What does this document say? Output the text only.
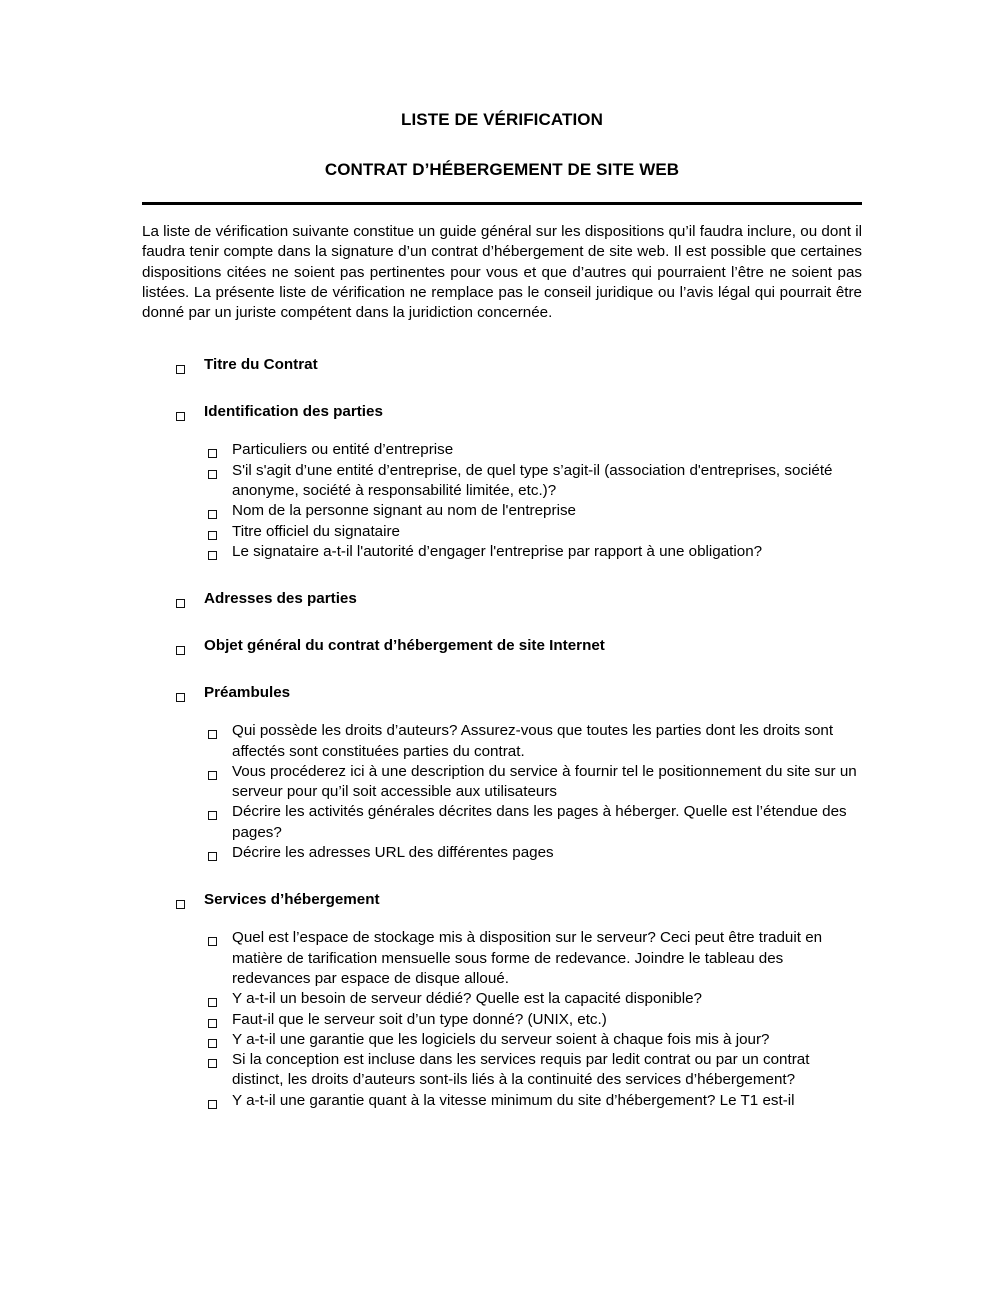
LISTE DE VÉRIFICATION
CONTRAT D’HÉBERGEMENT DE SITE WEB

La liste de vérification suivante constitue un guide général sur les dispositions qu’il faudra inclure, ou dont il faudra tenir compte dans la signature d’un contrat d’hébergement de site web. Il est possible que certaines dispositions citées ne soient pas pertinentes pour vous et que d’autres qui pourraient l’être ne soient pas listées. La présente liste de vérification ne remplace pas le conseil juridique ou l’avis légal qui pourrait être donné par un juriste compétent dans la juridiction concernée.

Titre du Contrat
Identification des parties
Particuliers ou entité d’entreprise
S'il s'agit d’une entité d’entreprise, de quel type s’agit-il (association d'entreprises, société anonyme, société à responsabilité limitée, etc.)?
Nom de la personne signant au nom de l'entreprise
Titre officiel du signataire
Le signataire a-t-il l'autorité d’engager l'entreprise par rapport à une obligation?
Adresses des parties
Objet général du contrat d’hébergement de site Internet
Préambules
Qui possède les droits d’auteurs? Assurez-vous que toutes les parties dont les droits sont affectés sont constituées parties du contrat.
Vous procéderez ici à une description du service à fournir tel le positionnement du site sur un serveur pour qu’il soit accessible aux utilisateurs
Décrire les activités générales décrites dans les pages à héberger. Quelle est l’étendue des pages?
Décrire les adresses URL des différentes pages
Services d’hébergement
Quel est l’espace de stockage mis à disposition sur le serveur? Ceci peut être traduit en matière de tarification mensuelle sous forme de redevance. Joindre le tableau des redevances par espace de disque alloué.
Y a-t-il un besoin de serveur dédié? Quelle est la capacité disponible?
Faut-il que le serveur soit d’un type donné? (UNIX, etc.)
Y a-t-il une garantie que les logiciels du serveur soient à chaque fois mis à jour?
Si la conception est incluse dans les services requis par ledit contrat ou par un contrat distinct, les droits d’auteurs sont-ils liés à la continuité des services d’hébergement?
Y a-t-il une garantie quant à la vitesse minimum du site d’hébergement? Le T1 est-il
